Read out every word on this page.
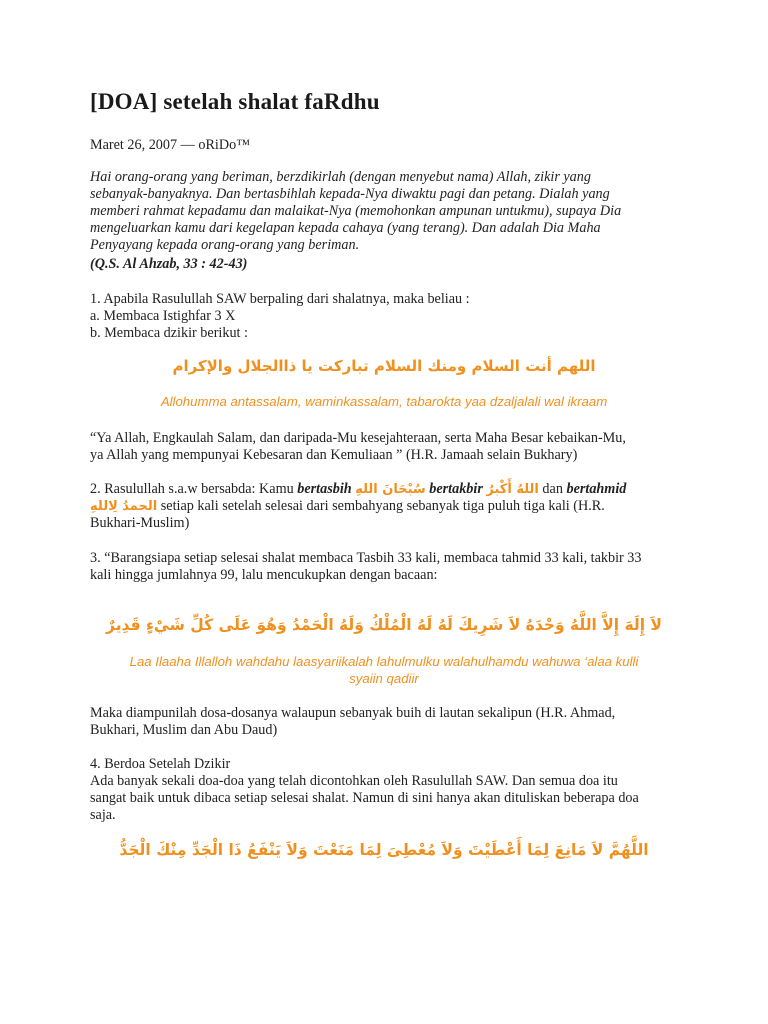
[DOA] setelah shalat faRdhu
Maret 26, 2007 — oRiDo™
Hai orang-orang yang beriman, berzdikirlah (dengan menyebut nama) Allah, zikir yang
sebanyak-banyaknya. Dan bertasbihlah kepada-Nya diwaktu pagi dan petang. Dialah yang
memberi rahmat kepadamu dan malaikat-Nya (memohonkan ampunan untukmu), supaya Dia
mengeluarkan kamu dari kegelapan kepada cahaya (yang terang). Dan adalah Dia Maha
Penyayang kepada orang-orang yang beriman.
(Q.S. Al Ahzab, 33 : 42-43)
1. Apabila Rasulullah SAW berpaling dari shalatnya, maka beliau :
a. Membaca Istighfar 3 X
b. Membaca dzikir berikut :
اللهم أنت السلام ومنك السلام تباركت يا ذاالجلال والإكرام
Allohumma antassalam, waminkassalam, tabarokta yaa dzaljalali wal ikraam
“Ya Allah, Engkaulah Salam, dan daripada-Mu kesejahteraan, serta Maha Besar kebaikan-Mu,
ya Allah yang mempunyai Kebesaran dan Kemuliaan ” (H.R. Jamaah selain Bukhary)
2. Rasulullah s.a.w bersabda: Kamu bertasbih سُبْحَانَ اللهِ bertakbir اللهُ أَكْبرُ dan bertahmid
الحمدُ لِاللهِ setiap kali setelah selesai dari sembahyang sebanyak tiga puluh tiga kali (H.R.
Bukhari-Muslim)
3. “Barangsiapa setiap selesai shalat membaca Tasbih 33 kali, membaca tahmid 33 kali, takbir 33
kali hingga jumlahnya 99, lalu mencukupkan dengan bacaan:
لاَ إِلَهَ إِلاَّ اللَّهُ وَحْدَهُ لاَ شَرِيكَ لَهُ لَهُ الْمُلْكُ وَلَهُ الْحَمْدُ وَهُوَ عَلَى كُلِّ شَيْءٍ قَدِيرٌ
Laa Ilaaha Illalloh wahdahu laasyariikalah lahulmulku walahulhamdu wahuwa ‘alaa kulli
syaiin qadiir
Maka diampunilah dosa-dosanya walaupun sebanyak buih di lautan sekalipun (H.R. Ahmad,
Bukhari, Muslim dan Abu Daud)
4. Berdoa Setelah Dzikir
Ada banyak sekali doa-doa yang telah dicontohkan oleh Rasulullah SAW. Dan semua doa itu
sangat baik untuk dibaca setiap selesai shalat. Namun di sini hanya akan dituliskan beberapa doa
saja.
اللَّهُمَّ لاَ مَانِعَ لِمَا أَعْطَيْتَ وَلاَ مُعْطِىَ لِمَا مَنَعْتَ وَلاَ يَنْفَعُ ذَا الْجَدِّ مِنْكَ الْجَدُّ
